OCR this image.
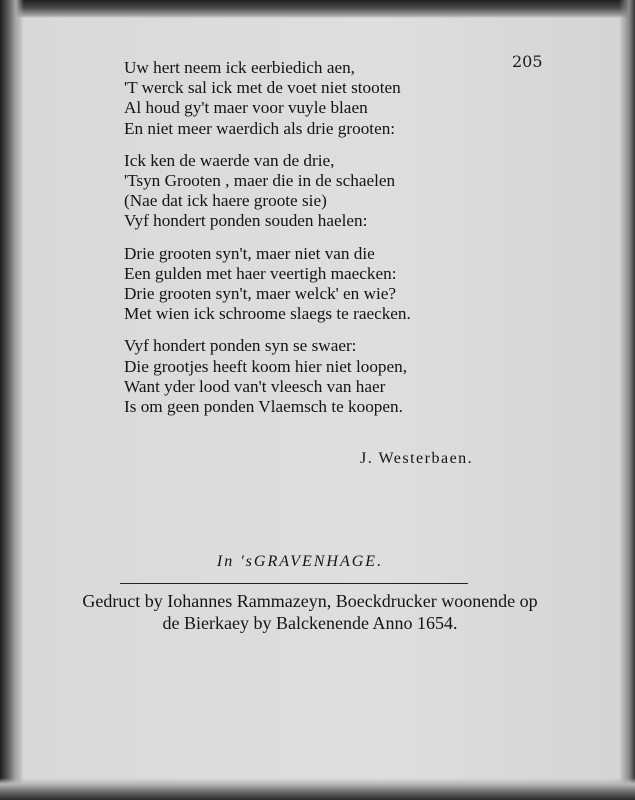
205
Uw hert neem ick eerbiedich aen,
'T werck sal ick met de voet niet stooten
Al houd gy't maer voor vuyle blaen
En niet meer waerdich als drie grooten:
Ick ken de waerde van de drie,
'Tsyn Grooten , maer die in de schaelen
(Nae dat ick haere groote sie)
Vyf hondert ponden souden haelen:
Drie grooten syn't, maer niet van die
Een gulden met haer veertigh maecken:
Drie grooten syn't, maer welck' en wie?
Met wien ick schroome slaegs te raecken.
Vyf hondert ponden syn se swaer:
Die grootjes heeft koom hier niet loopen,
Want yder lood van't vleesch van haer
Is om geen ponden Vlaemsch te koopen.
J. Westerbaen.
In 'sGRAVENHAGE.
Gedruct by Iohannes Rammazeyn, Boeckdrucker woonende op
de Bierkaey by Balckenende Anno 1654.
